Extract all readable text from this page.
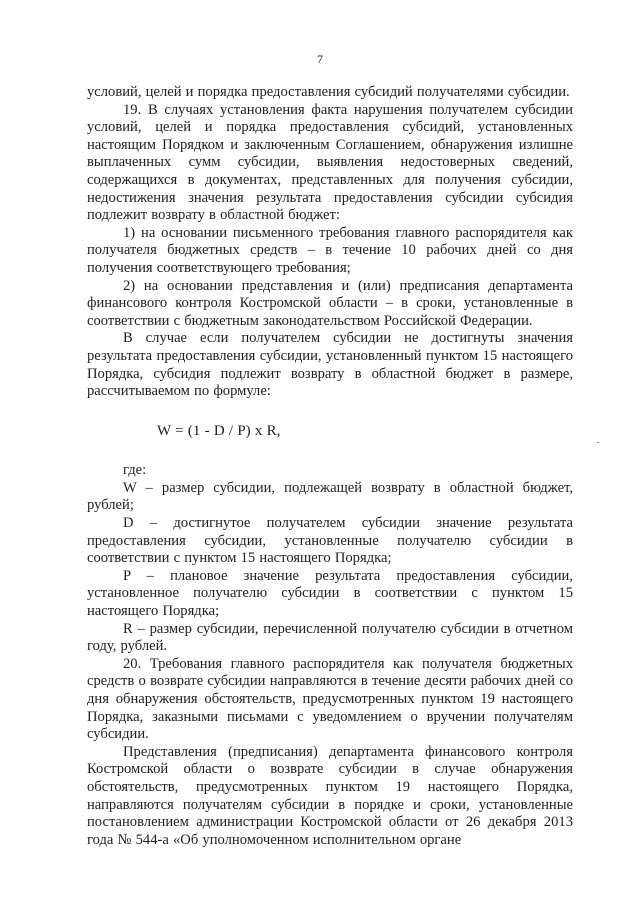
7

условий, целей и порядка предоставления субсидий получателями субсидии.

19. В случаях установления факта нарушения получателем субсидии условий, целей и порядка предоставления субсидий, установленных настоящим Порядком и заключенным Соглашением, обнаружения излишне выплаченных сумм субсидии, выявления недостоверных сведений, содержащихся в документах, представленных для получения субсидии, недостижения значения результата предоставления субсидии субсидия подлежит возврату в областной бюджет:

1) на основании письменного требования главного распорядителя как получателя бюджетных средств – в течение 10 рабочих дней со дня получения соответствующего требования;

2) на основании представления и (или) предписания департамента финансового контроля Костромской области – в сроки, установленные в соответствии с бюджетным законодательством Российской Федерации.

В случае если получателем субсидии не достигнуты значения результата предоставления субсидии, установленный пунктом 15 настоящего Порядка, субсидия подлежит возврату в областной бюджет в размере, рассчитываемом по формуле:

W = (1 - D / P) x R,

где:

W – размер субсидии, подлежащей возврату в областной бюджет, рублей;

D – достигнутое получателем субсидии значение результата предоставления субсидии, установленные получателю субсидии в соответствии с пунктом 15 настоящего Порядка;

P – плановое значение результата предоставления субсидии, установленное получателю субсидии в соответствии с пунктом 15 настоящего Порядка;

R – размер субсидии, перечисленной получателю субсидии в отчетном году, рублей.

20. Требования главного распорядителя как получателя бюджетных средств о возврате субсидии направляются в течение десяти рабочих дней со дня обнаружения обстоятельств, предусмотренных пунктом 19 настоящего Порядка, заказными письмами с уведомлением о вручении получателям субсидии.

Представления (предписания) департамента финансового контроля Костромской области о возврате субсидии в случае обнаружения обстоятельств, предусмотренных пунктом 19 настоящего Порядка, направляются получателям субсидии в порядке и сроки, установленные постановлением администрации Костромской области от 26 декабря 2013 года № 544-а «Об уполномоченном исполнительном органе
